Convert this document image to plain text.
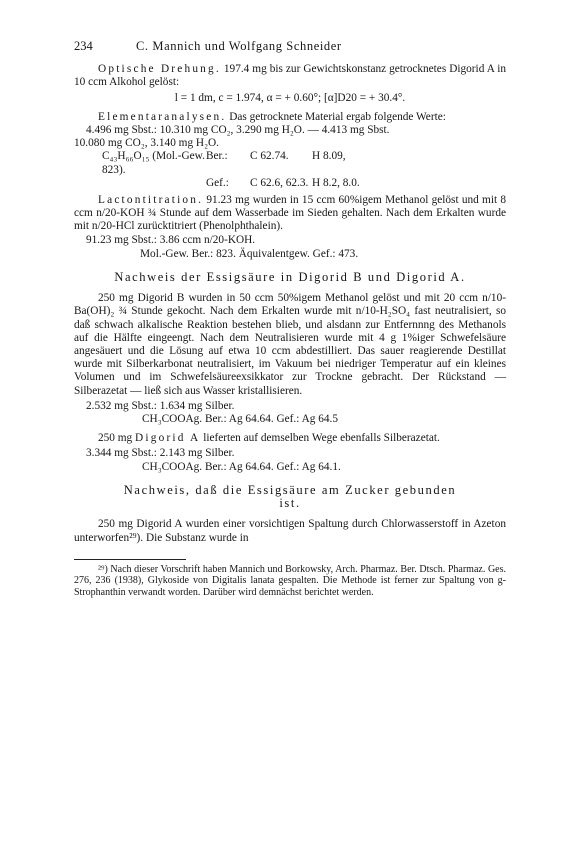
234	C. Mannich und Wolfgang Schneider

Optische Drehung. 197.4 mg bis zur Gewichtskonstanz getrocknetes Digorid A in 10 ccm Alkohol gelöst:

l = 1 dm, c = 1.974, α = + 0.60°; [α]D20 = + 30.4°.

Elementaranalysen. Das getrocknete Material ergab folgende Werte:

4.496 mg Sbst.: 10.310 mg CO₂, 3.290 mg H₂O. — 4.413 mg Sbst.

10.080 mg CO₂, 3.140 mg H₂O.

C₄₃H₆₆O₁₅ (Mol.-Gew. 823).
Ber.:	C 62.74.	H 8.09,
Gef.:	C 62.6, 62.3. H 8.2, 8.0.

Lactontitration. 91.23 mg wurden in 15 ccm 60%igem Methanol gelöst und mit 8 ccm n/20-KOH ¾ Stunde auf dem Wasserbade im Sieden gehalten. Nach dem Erkalten wurde mit n/20-HCl zurücktitriert (Phenolphthalein).

91.23 mg Sbst.: 3.86 ccm n/20-KOH.

Mol.-Gew. Ber.: 823. Äquivalentgew. Gef.: 473.

Nachweis der Essigsäure in Digorid B und Digorid A.

250 mg Digorid B wurden in 50 ccm 50%igem Methanol gelöst und mit 20 ccm n/10-Ba(OH)₂ ¾ Stunde gekocht. Nach dem Erkalten wurde mit n/10-H₂SO₄ fast neutralisiert, so daß schwach alkalische Reaktion bestehen blieb, und alsdann zur Entfernnng des Methanols auf die Hälfte eingeengt. Nach dem Neutralisieren wurde mit 4 g 1%iger Schwefelsäure angesäuert und die Lösung auf etwa 10 ccm abdestilliert. Das sauer reagierende Destillat wurde mit Silberkarbonat neutralisiert, im Vakuum bei niedriger Temperatur auf ein kleines Volumen und im Schwefelsäureexsikkator zur Trockne gebracht. Der Rückstand — Silberazetat — ließ sich aus Wasser kristallisieren.

2.532 mg Sbst.: 1.634 mg Silber.

CH₃COOAg. Ber.: Ag 64.64. Gef.: Ag 64.5

250 mg Digorid A lieferten auf demselben Wege ebenfalls Silberazetat.

3.344 mg Sbst.: 2.143 mg Silber.

CH₃COOAg. Ber.: Ag 64.64. Gef.: Ag 64.1.

Nachweis, daß die Essigsäure am Zucker gebunden ist.

250 mg Digorid A wurden einer vorsichtigen Spaltung durch Chlorwasserstoff in Azeton unterworfen²⁹). Die Substanz wurde in

²⁹) Nach dieser Vorschrift haben Mannich und Borkowsky, Arch. Pharmaz. Ber. Dtsch. Pharmaz. Ges. 276, 236 (1938), Glykoside von Digitalis lanata gespalten. Die Methode ist ferner zur Spaltung von g-Strophanthin verwandt worden. Darüber wird demnächst berichtet werden.
